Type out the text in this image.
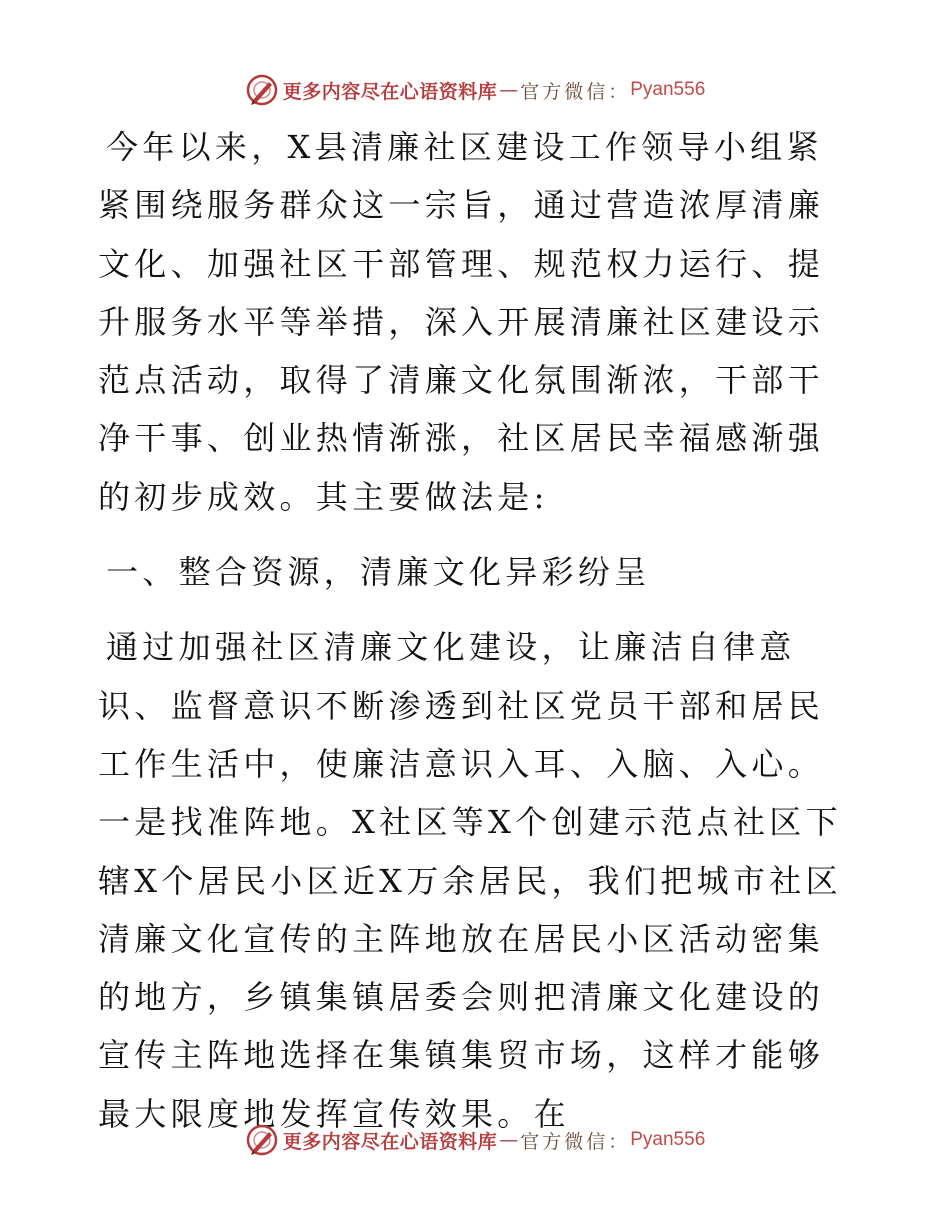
更多内容尽在心语资料库 — 官方微信： Pyan556

今年以来，X县清廉社区建设工作领导小组紧紧围绕服务群众这一宗旨，通过营造浓厚清廉文化、加强社区干部管理、规范权力运行、提升服务水平等举措，深入开展清廉社区建设示范点活动，取得了清廉文化氛围渐浓，干部干净干事、创业热情渐涨，社区居民幸福感渐强的初步成效。其主要做法是:

一、整合资源，清廉文化异彩纷呈

通过加强社区清廉文化建设，让廉洁自律意识、监督意识不断渗透到社区党员干部和居民工作生活中，使廉洁意识入耳、入脑、入心。一是找准阵地。X社区等X个创建示范点社区下辖X个居民小区近X万余居民，我们把城市社区清廉文化宣传的主阵地放在居民小区活动密集的地方，乡镇集镇居委会则把清廉文化建设的宣传主阵地选择在集镇集贸市场，这样才能够最大限度地发挥宣传效果。在

更多内容尽在心语资料库 — 官方微信： Pyan556
